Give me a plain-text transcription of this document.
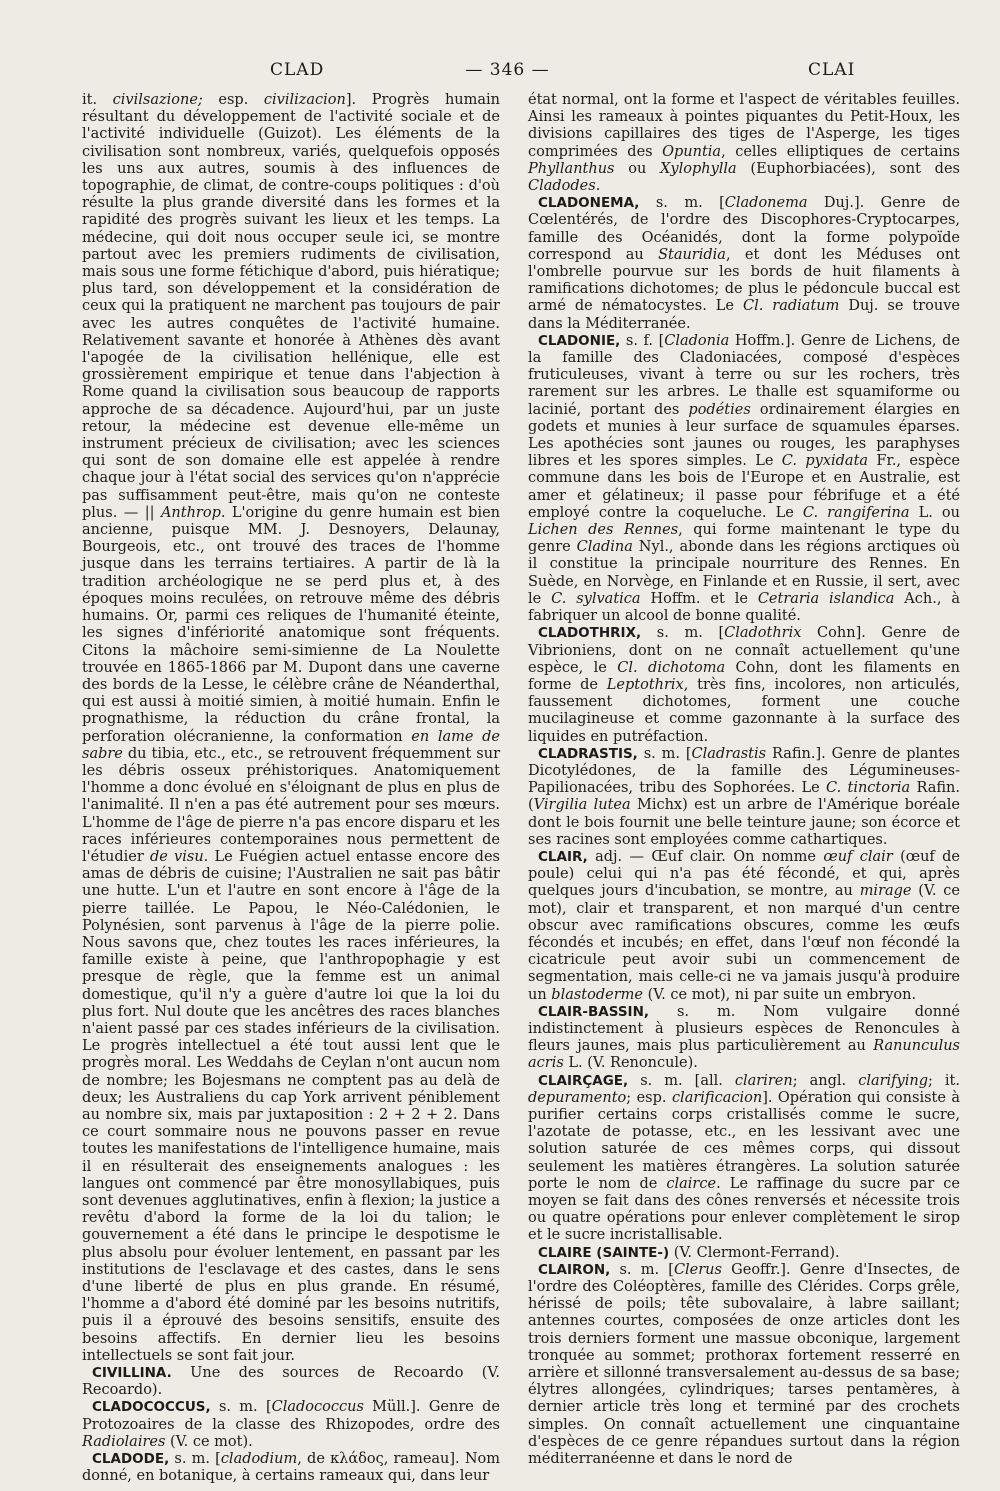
CLAD	— 346 —	CLAI

it. civilsazione; esp. civilizacion]. Progrès humain résultant du développement de l'activité sociale et de l'activité individuelle (Guizot). Les éléments de la civilisation sont nombreux, variés, quelquefois opposés les uns aux autres, soumis à des influences de topographie, de climat, de contre-coups politiques : d'où résulte la plus grande diversité dans les formes et la rapidité des progrès suivant les lieux et les temps. La médecine, qui doit nous occuper seule ici, se montre partout avec les premiers rudiments de civilisation, mais sous une forme fétichique d'abord, puis hiératique; plus tard, son développement et la considération de ceux qui la pratiquent ne marchent pas toujours de pair avec les autres conquêtes de l'activité humaine. Relativement savante et honorée à Athènes dès avant l'apogée de la civilisation hellénique, elle est grossièrement empirique et tenue dans l'abjection à Rome quand la civilisation sous beaucoup de rapports approche de sa décadence. Aujourd'hui, par un juste retour, la médecine est devenue elle-même un instrument précieux de civilisation; avec les sciences qui sont de son domaine elle est appelée à rendre chaque jour à l'état social des services qu'on n'apprécie pas suffisamment peut-être, mais qu'on ne conteste plus. — || Anthrop. L'origine du genre humain est bien ancienne, puisque MM. J. Desnoyers, Delaunay, Bourgeois, etc., ont trouvé des traces de l'homme jusque dans les terrains tertiaires. A partir de là la tradition archéologique ne se perd plus et, à des époques moins reculées, on retrouve même des débris humains. Or, parmi ces reliques de l'humanité éteinte, les signes d'infériorité anatomique sont fréquents. Citons la mâchoire semi-simienne de La Noulette trouvée en 1865-1866 par M. Dupont dans une caverne des bords de la Lesse, le célèbre crâne de Néanderthal, qui est aussi à moitié simien, à moitié humain. Enfin le prognathisme, la réduction du crâne frontal, la perforation olécranienne, la conformation en lame de sabre du tibia, etc., etc., se retrouvent fréquemment sur les débris osseux préhistoriques. Anatomiquement l'homme a donc évolué en s'éloignant de plus en plus de l'animalité. Il n'en a pas été autrement pour ses mœurs. L'homme de l'âge de pierre n'a pas encore disparu et les races inférieures contemporaines nous permettent de l'étudier de visu. Le Fuégien actuel entasse encore des amas de débris de cuisine; l'Australien ne sait pas bâtir une hutte. L'un et l'autre en sont encore à l'âge de la pierre taillée. Le Papou, le Néo-Calédonien, le Polynésien, sont parvenus à l'âge de la pierre polie. Nous savons que, chez toutes les races inférieures, la famille existe à peine, que l'anthropophagie y est presque de règle, que la femme est un animal domestique, qu'il n'y a guère d'autre loi que la loi du plus fort. Nul doute que les ancêtres des races blanches n'aient passé par ces stades inférieurs de la civilisation. Le progrès intellectuel a été tout aussi lent que le progrès moral. Les Weddahs de Ceylan n'ont aucun nom de nombre; les Bojesmans ne comptent pas au delà de deux; les Australiens du cap York arrivent péniblement au nombre six, mais par juxtaposition : 2 + 2 + 2. Dans ce court sommaire nous ne pouvons passer en revue toutes les manifestations de l'intelligence humaine, mais il en résulterait des enseignements analogues : les langues ont commencé par être monosyllabiques, puis sont devenues agglutinatives, enfin à flexion; la justice a revêtu d'abord la forme de la loi du talion; le gouvernement a été dans le principe le despotisme le plus absolu pour évoluer lentement, en passant par les institutions de l'esclavage et des castes, dans le sens d'une liberté de plus en plus grande. En résumé, l'homme a d'abord été dominé par les besoins nutritifs, puis il a éprouvé des besoins sensitifs, ensuite des besoins affectifs. En dernier lieu les besoins intellectuels se sont fait jour.

CIVILLINA. Une des sources de Recoardo (V. Recoardo).

CLADOCOCCUS, s. m. [Cladococcus Müll.]. Genre de Protozoaires de la classe des Rhizopodes, ordre des Radiolaires (V. ce mot).

CLADODE, s. m. [cladodium, de κλάδος, rameau]. Nom donné, en botanique, à certains rameaux qui, dans leur

état normal, ont la forme et l'aspect de véritables feuilles. Ainsi les rameaux à pointes piquantes du Petit-Houx, les divisions capillaires des tiges de l'Asperge, les tiges comprimées des Opuntia, celles elliptiques de certains Phyllanthus ou Xylophylla (Euphorbiacées), sont des Cladodes.

CLADONEMA, s. m. [Cladonema Duj.]. Genre de Cœlentérés, de l'ordre des Discophores-Cryptocarpes, famille des Océanidés, dont la forme polypoïde correspond au Stauridia, et dont les Méduses ont l'ombrelle pourvue sur les bords de huit filaments à ramifications dichotomes; de plus le pédoncule buccal est armé de nématocystes. Le Cl. radiatum Duj. se trouve dans la Méditerranée.

CLADONIE, s. f. [Cladonia Hoffm.]. Genre de Lichens, de la famille des Cladoniacées, composé d'espèces fruticuleuses, vivant à terre ou sur les rochers, très rarement sur les arbres. Le thalle est squamiforme ou lacinié, portant des podéties ordinairement élargies en godets et munies à leur surface de squamules éparses. Les apothécies sont jaunes ou rouges, les paraphyses libres et les spores simples. Le C. pyxidata Fr., espèce commune dans les bois de l'Europe et en Australie, est amer et gélatineux; il passe pour fébrifuge et a été employé contre la coqueluche. Le C. rangiferina L. ou Lichen des Rennes, qui forme maintenant le type du genre Cladina Nyl., abonde dans les régions arctiques où il constitue la principale nourriture des Rennes. En Suède, en Norvège, en Finlande et en Russie, il sert, avec le C. sylvatica Hoffm. et le Cetraria islandica Ach., à fabriquer un alcool de bonne qualité.

CLADOTHRIX, s. m. [Cladothrix Cohn]. Genre de Vibrioniens, dont on ne connaît actuellement qu'une espèce, le Cl. dichotoma Cohn, dont les filaments en forme de Leptothrix, très fins, incolores, non articulés, faussement dichotomes, forment une couche mucilagineuse et comme gazonnante à la surface des liquides en putréfaction.

CLADRASTIS, s. m. [Cladrastis Rafin.]. Genre de plantes Dicotylédones, de la famille des Légumineuses-Papilionacées, tribu des Sophorées. Le C. tinctoria Rafin. (Virgilia lutea Michx) est un arbre de l'Amérique boréale dont le bois fournit une belle teinture jaune; son écorce et ses racines sont employées comme cathartiques.

CLAIR, adj. — Œuf clair. On nomme œuf clair (œuf de poule) celui qui n'a pas été fécondé, et qui, après quelques jours d'incubation, se montre, au mirage (V. ce mot), clair et transparent, et non marqué d'un centre obscur avec ramifications obscures, comme les œufs fécondés et incubés; en effet, dans l'œuf non fécondé la cicatricule peut avoir subi un commencement de segmentation, mais celle-ci ne va jamais jusqu'à produire un blastoderme (V. ce mot), ni par suite un embryon.

CLAIR-BASSIN, s. m. Nom vulgaire donné indistinctement à plusieurs espèces de Renoncules à fleurs jaunes, mais plus particulièrement au Ranunculus acris L. (V. Renoncule).

CLAIRÇAGE, s. m. [all. clariren; angl. clarifying; it. depuramento; esp. clarificacion]. Opération qui consiste à purifier certains corps cristallisés comme le sucre, l'azotate de potasse, etc., en les lessivant avec une solution saturée de ces mêmes corps, qui dissout seulement les matières étrangères. La solution saturée porte le nom de clairce. Le raffinage du sucre par ce moyen se fait dans des cônes renversés et nécessite trois ou quatre opérations pour enlever complètement le sirop et le sucre incristallisable.

CLAIRE (SAINTE-) (V. Clermont-Ferrand).

CLAIRON, s. m. [Clerus Geoffr.]. Genre d'Insectes, de l'ordre des Coléoptères, famille des Clérides. Corps grêle, hérissé de poils; tête subovalaire, à labre saillant; antennes courtes, composées de onze articles dont les trois derniers forment une massue obconique, largement tronquée au sommet; prothorax fortement resserré en arrière et sillonné transversalement au-dessus de sa base; élytres allongées, cylindriques; tarses pentamères, à dernier article très long et terminé par des crochets simples. On connaît actuellement une cinquantaine d'espèces de ce genre répandues surtout dans la région méditerranéenne et dans le nord de
